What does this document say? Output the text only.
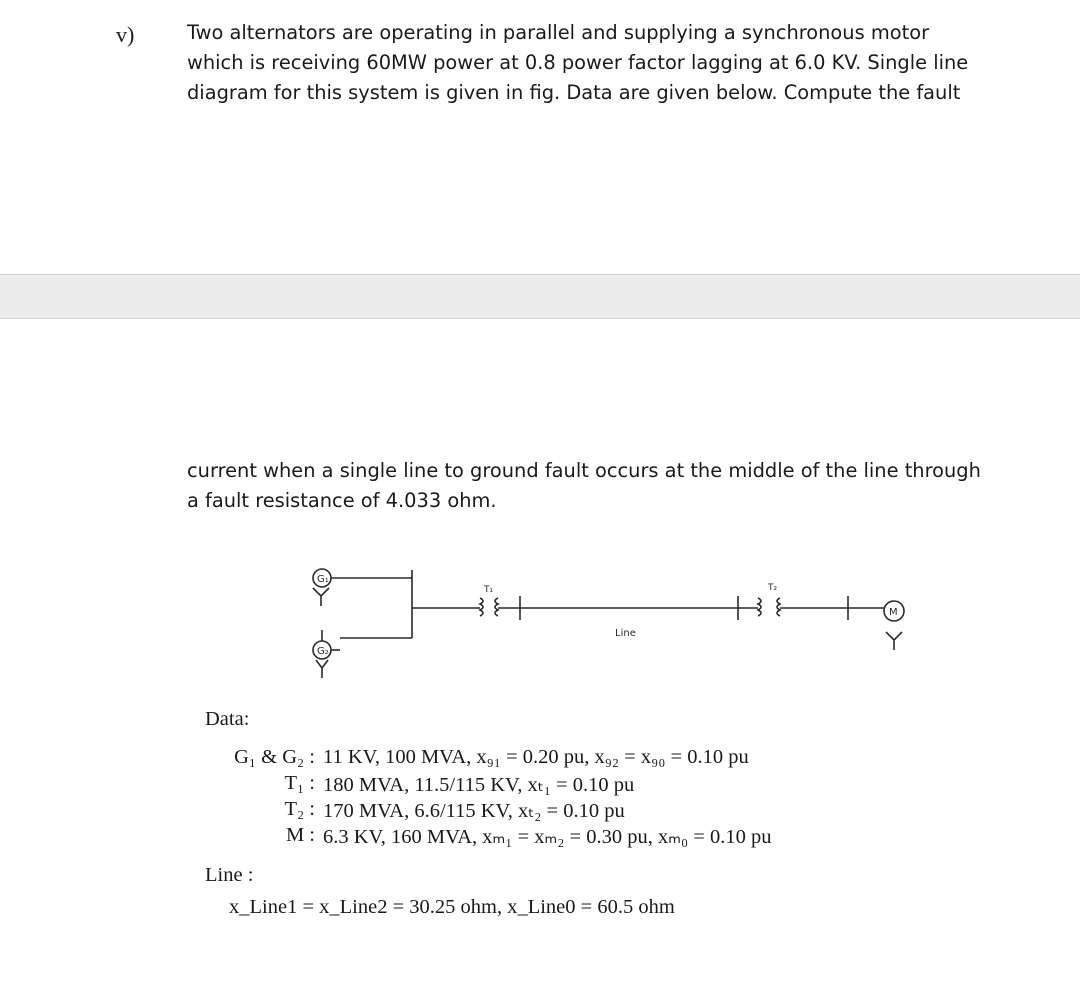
v)	Two alternators are operating in parallel and supplying a synchronous motor

which is receiving 60MW power at 0.8 power factor lagging at 6.0 KV. Single line

diagram for this system is given in fig. Data are given below. Compute the fault

current when a single line to ground fault occurs at the middle of the line through

a fault resistance of 4.033 ohm.

G₁
G₂
T₁	T₂
Line
M
Data:
G₁ & G₂ : 11 KV, 100 MVA, x₉₁ = 0.20 pu, x₉₂ = x₉₀ = 0.10 pu
T₁ : 180 MVA, 11.5/115 KV, xₜ₁ = 0.10 pu
T₂ : 170 MVA, 6.6/115 KV, xₜ₂ = 0.10 pu
M : 6.3 KV, 160 MVA, xₘ₁ = xₘ₂ = 0.30 pu, xₘ₀ = 0.10 pu
Line :
x_Line1 = x_Line2 = 30.25 ohm, x_Line0 = 60.5 ohm
